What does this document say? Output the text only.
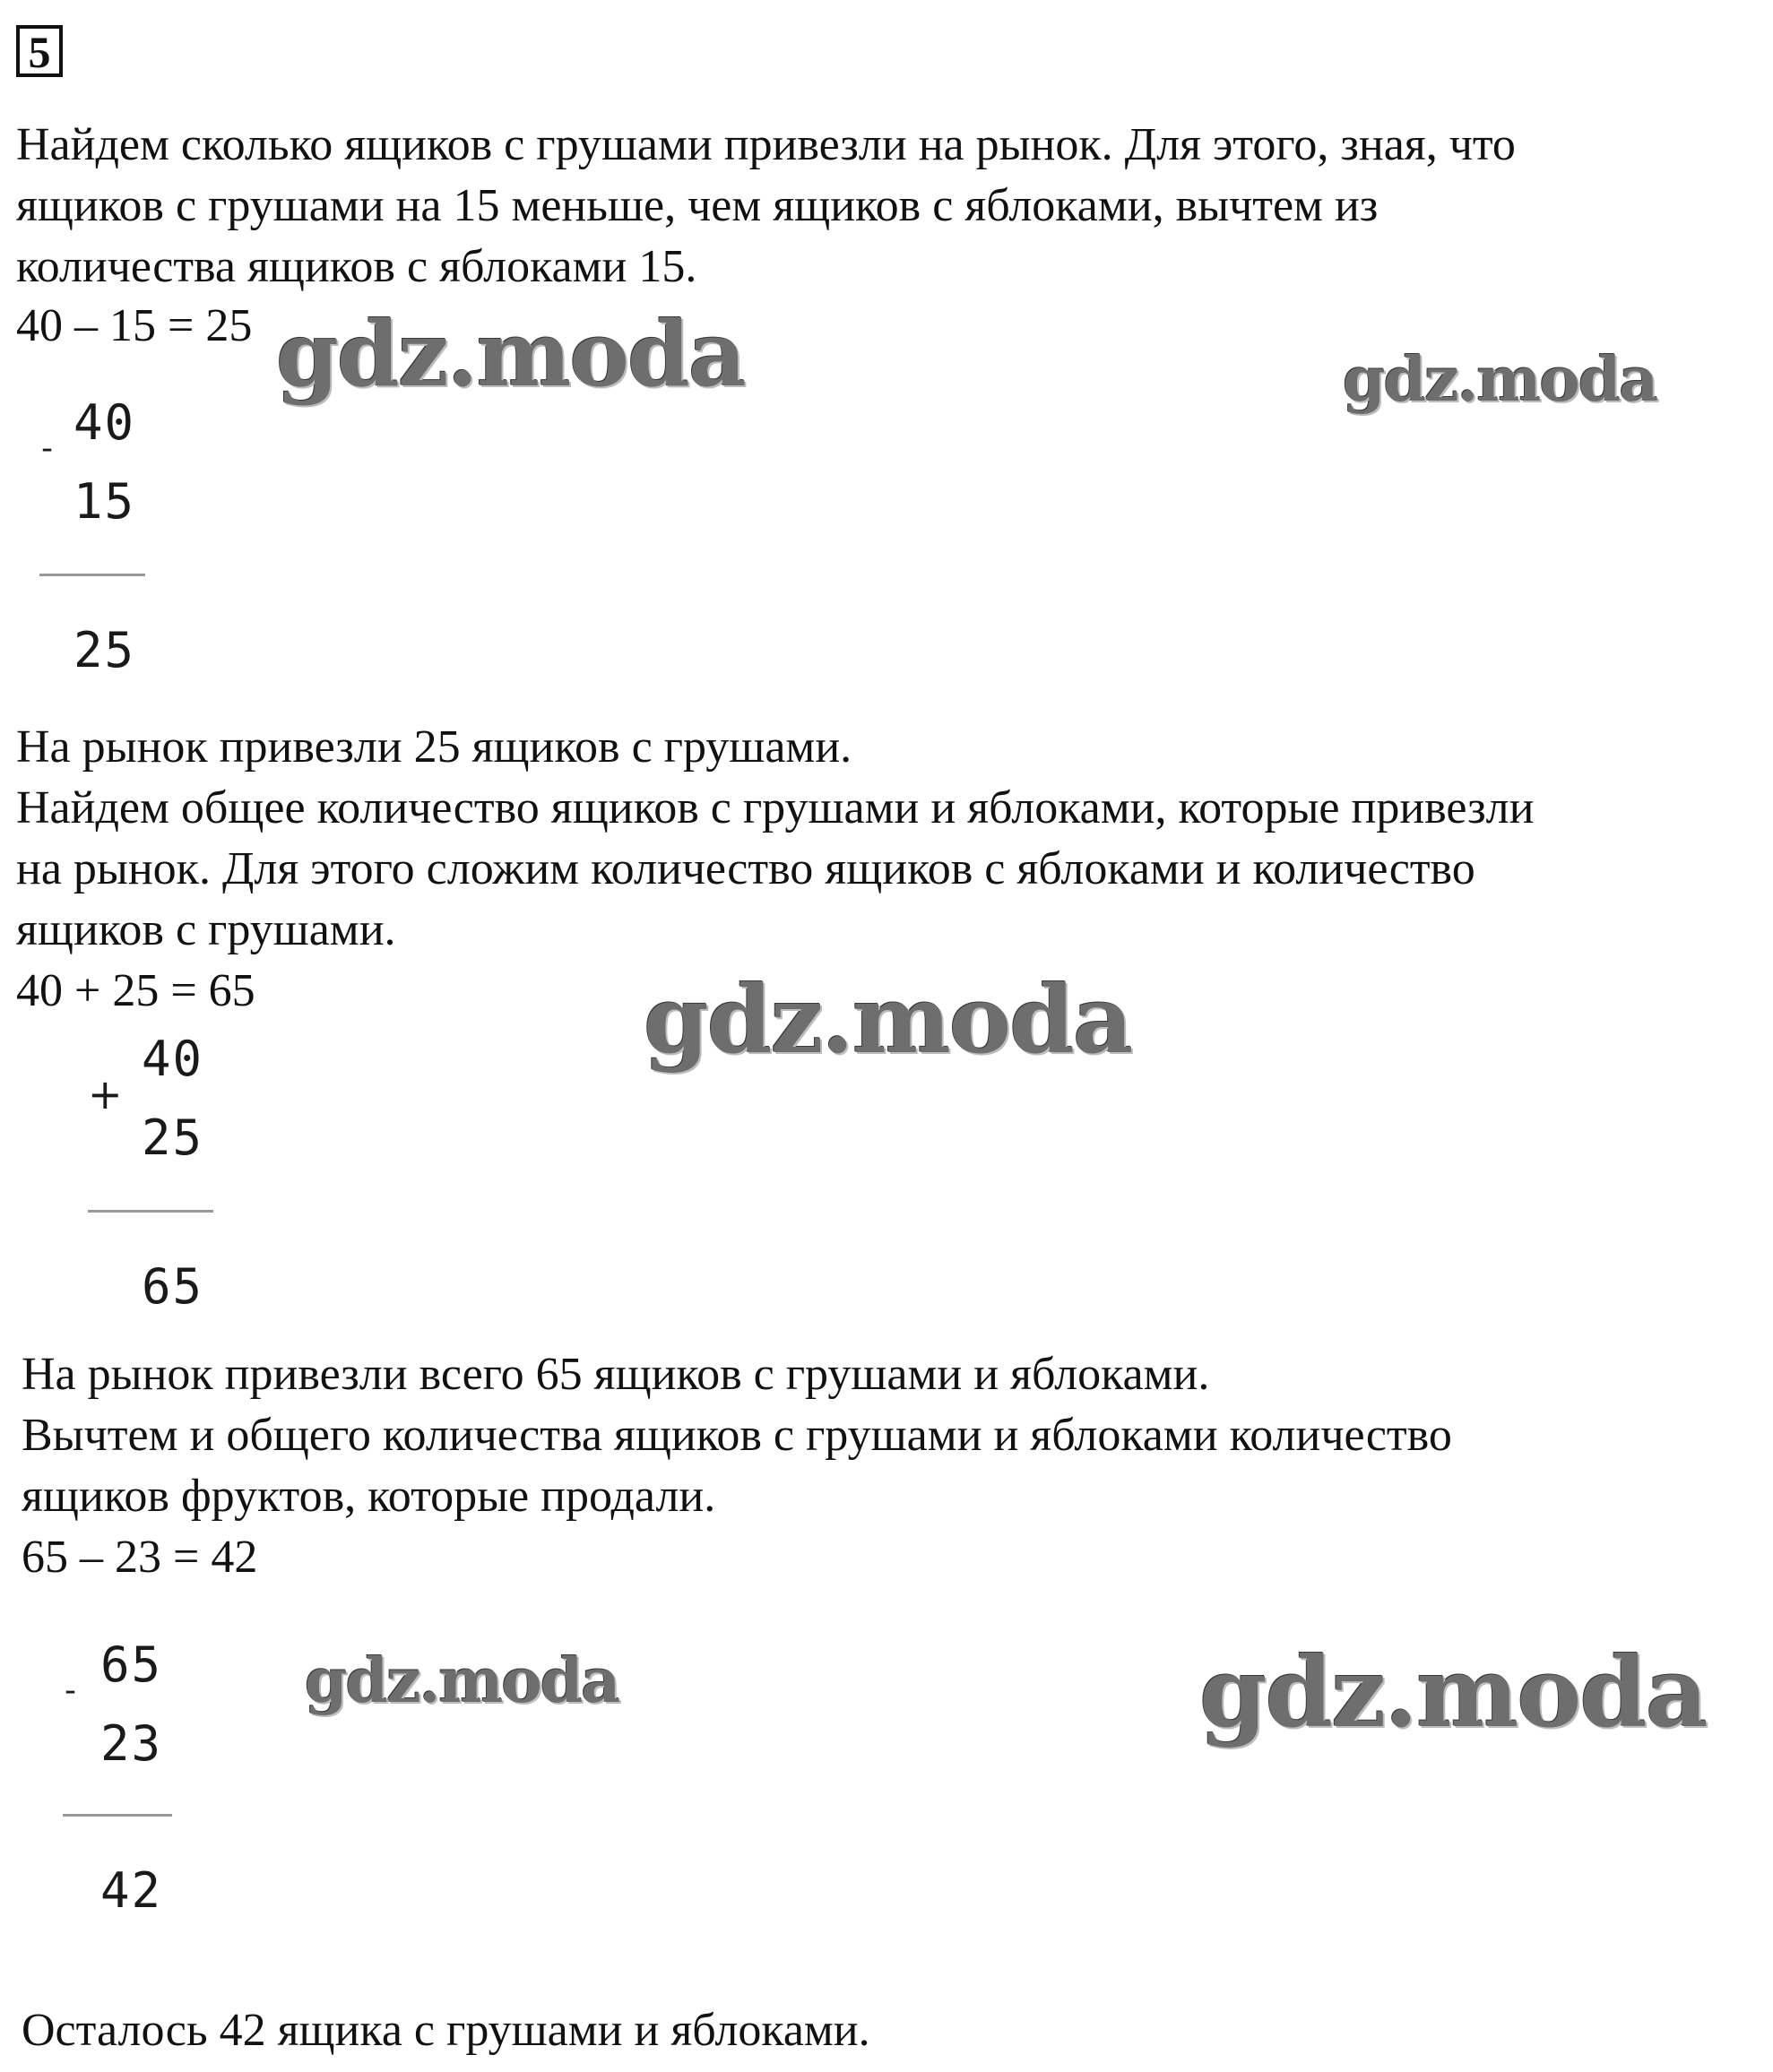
5
Найдем сколько ящиков с грушами привезли на рынок. Для этого, зная, что
ящиков с грушами на 15 меньше, чем ящиков с яблоками, вычтем из
количества ящиков с яблоками 15.
40 – 15 = 25
- 40
15
25
На рынок привезли 25 ящиков с грушами.
Найдем общее количество ящиков с грушами и яблоками, которые привезли
на рынок. Для этого сложим количество ящиков с яблоками и количество
ящиков с грушами.
40 + 25 = 65
+
40
25
65
На рынок привезли всего 65 ящиков с грушами и яблоками.
Вычтем и общего количества ящиков с грушами и яблоками количество
ящиков фруктов, которые продали.
65 – 23 = 42
- 65
23
42
Осталось 42 ящика с грушами и яблоками.
gdz.moda	gdz.moda
gdz.moda
gdz.moda	gdz.moda
